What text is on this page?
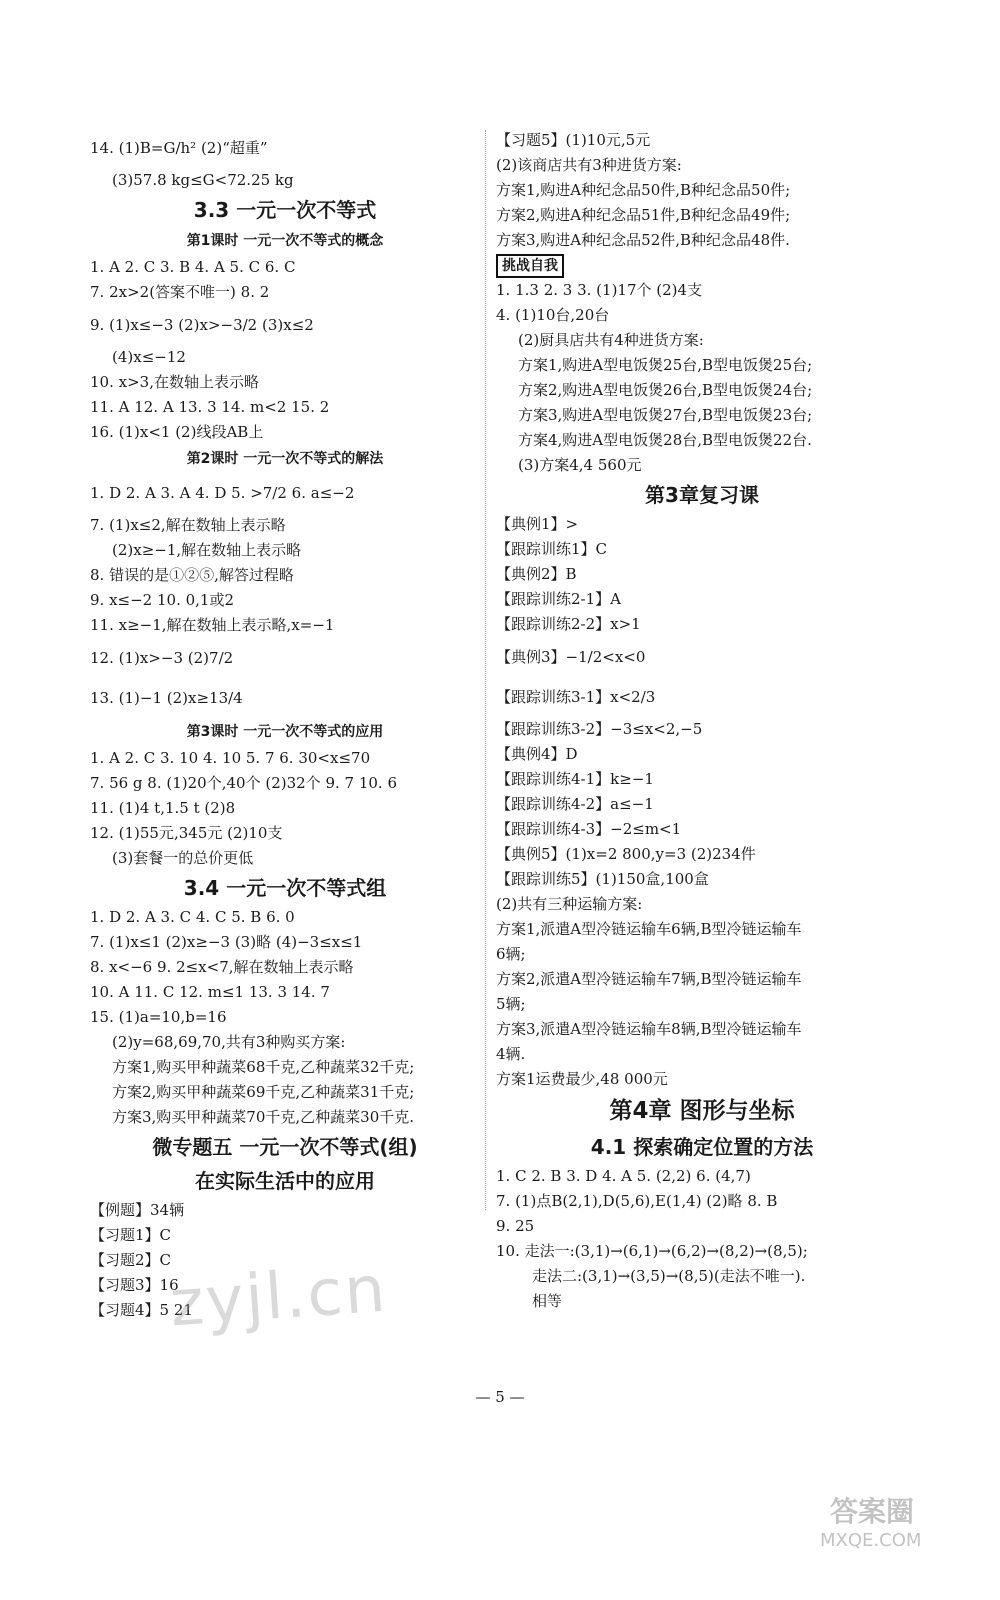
14. (1)B=G/h² (2)“超重”
(3)57.8 kg≤G<72.25 kg
3.3 一元一次不等式
第1课时 一元一次不等式的概念
1. A 2. C 3. B 4. A 5. C 6. C
7. 2x>2(答案不唯一) 8. 2
9. (1)x≤−3 (2)x>−3/2 (3)x≤2
(4)x≤−12
10. x>3,在数轴上表示略
11. A 12. A 13. 3 14. m<2 15. 2
16. (1)x<1 (2)线段AB上
第2课时 一元一次不等式的解法
1. D 2. A 3. A 4. D 5. >7/2 6. a≤−2
7. (1)x≤2,解在数轴上表示略
(2)x≥−1,解在数轴上表示略
8. 错误的是①②⑤,解答过程略
9. x≤−2 10. 0,1或2
11. x≥−1,解在数轴上表示略,x=−1
12. (1)x>−3 (2)7/2
13. (1)−1 (2)x≥13/4
第3课时 一元一次不等式的应用
1. A 2. C 3. 10 4. 10 5. 7 6. 30<x≤70
7. 56 g 8. (1)20个,40个 (2)32个 9. 7 10. 6
11. (1)4 t,1.5 t (2)8
12. (1)55元,345元 (2)10支
(3)套餐一的总价更低
3.4 一元一次不等式组
1. D 2. A 3. C 4. C 5. B 6. 0
7. (1)x≤1 (2)x≥−3 (3)略 (4)−3≤x≤1
8. x<−6 9. 2≤x<7,解在数轴上表示略
10. A 11. C 12. m≤1 13. 3 14. 7
15. (1)a=10,b=16
(2)y=68,69,70,共有3种购买方案:
方案1,购买甲种蔬菜68千克,乙种蔬菜32千克;
方案2,购买甲种蔬菜69千克,乙种蔬菜31千克;
方案3,购买甲种蔬菜70千克,乙种蔬菜30千克.
微专题五 一元一次不等式(组)
在实际生活中的应用
【例题】34辆
【习题1】C
【习题2】C
【习题3】16
【习题4】5 21
【习题5】(1)10元,5元
(2)该商店共有3种进货方案:
方案1,购进A种纪念品50件,B种纪念品50件;
方案2,购进A种纪念品51件,B种纪念品49件;
方案3,购进A种纪念品52件,B种纪念品48件.
挑战自我
1. 1.3 2. 3 3. (1)17个 (2)4支
4. (1)10台,20台
(2)厨具店共有4种进货方案:
方案1,购进A型电饭煲25台,B型电饭煲25台;
方案2,购进A型电饭煲26台,B型电饭煲24台;
方案3,购进A型电饭煲27台,B型电饭煲23台;
方案4,购进A型电饭煲28台,B型电饭煲22台.
(3)方案4,4 560元
第3章复习课
【典例1】>
【跟踪训练1】C
【典例2】B
【跟踪训练2-1】A
【跟踪训练2-2】x>1
【典例3】−1/2<x<0
【跟踪训练3-1】x<2/3
【跟踪训练3-2】−3≤x<2,−5
【典例4】D
【跟踪训练4-1】k≥−1
【跟踪训练4-2】a≤−1
【跟踪训练4-3】−2≤m<1
【典例5】(1)x=2 800,y=3 (2)234件
【跟踪训练5】(1)150盒,100盒
(2)共有三种运输方案:
方案1,派遣A型冷链运输车6辆,B型冷链运输车
6辆;
方案2,派遣A型冷链运输车7辆,B型冷链运输车
5辆;
方案3,派遣A型冷链运输车8辆,B型冷链运输车
4辆.
方案1运费最少,48 000元
第4章 图形与坐标
4.1 探索确定位置的方法
1. C 2. B 3. D 4. A 5. (2,2) 6. (4,7)
7. (1)点B(2,1),D(5,6),E(1,4) (2)略 8. B
9. 25
10. 走法一:(3,1)→(6,1)→(6,2)→(8,2)→(8,5);
走法二:(3,1)→(3,5)→(8,5)(走法不唯一).
相等
— 5 —
zyjl.cn
答案圈
MXQE.COM
